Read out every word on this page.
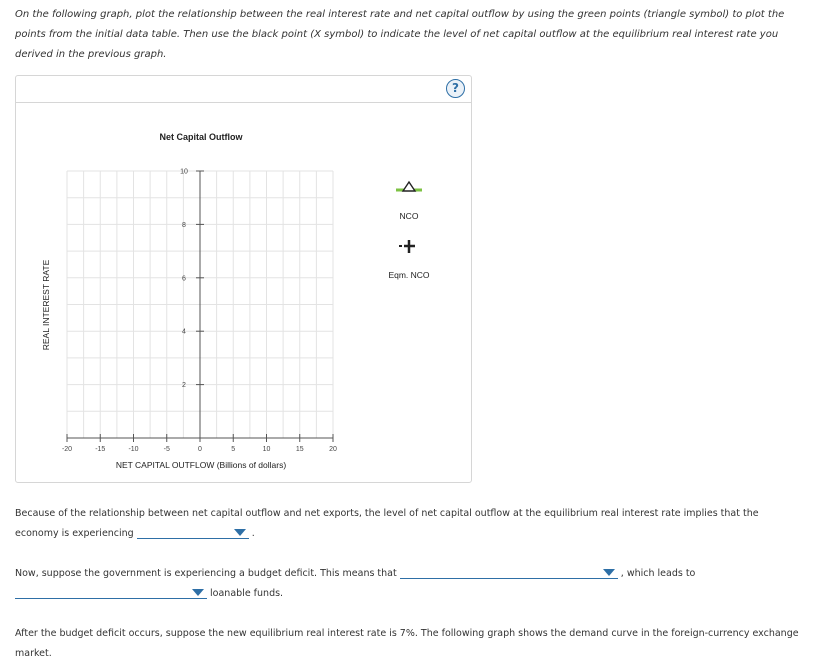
On the following graph, plot the relationship between the real interest rate and net capital outflow by using the green points (triangle symbol) to plot the points from the initial data table. Then use the black point (X symbol) to indicate the level of net capital outflow at the equilibrium real interest rate you derived in the previous graph.

?
Net Capital Outflow
REAL INTEREST RATE
2
4
6
8
10
-20	-15	-10	-5	0	5	10	15	20
NET CAPITAL OUTFLOW (Billions of dollars)
NCO
Eqm. NCO

Because of the relationship between net capital outflow and net exports, the level of net capital outflow at the equilibrium real interest rate implies that the economy is experiencing	.

Now, suppose the government is experiencing a budget deficit. This means that	, which leads to

loanable funds.

After the budget deficit occurs, suppose the new equilibrium real interest rate is 7%. The following graph shows the demand curve in the foreign-currency exchange market.
